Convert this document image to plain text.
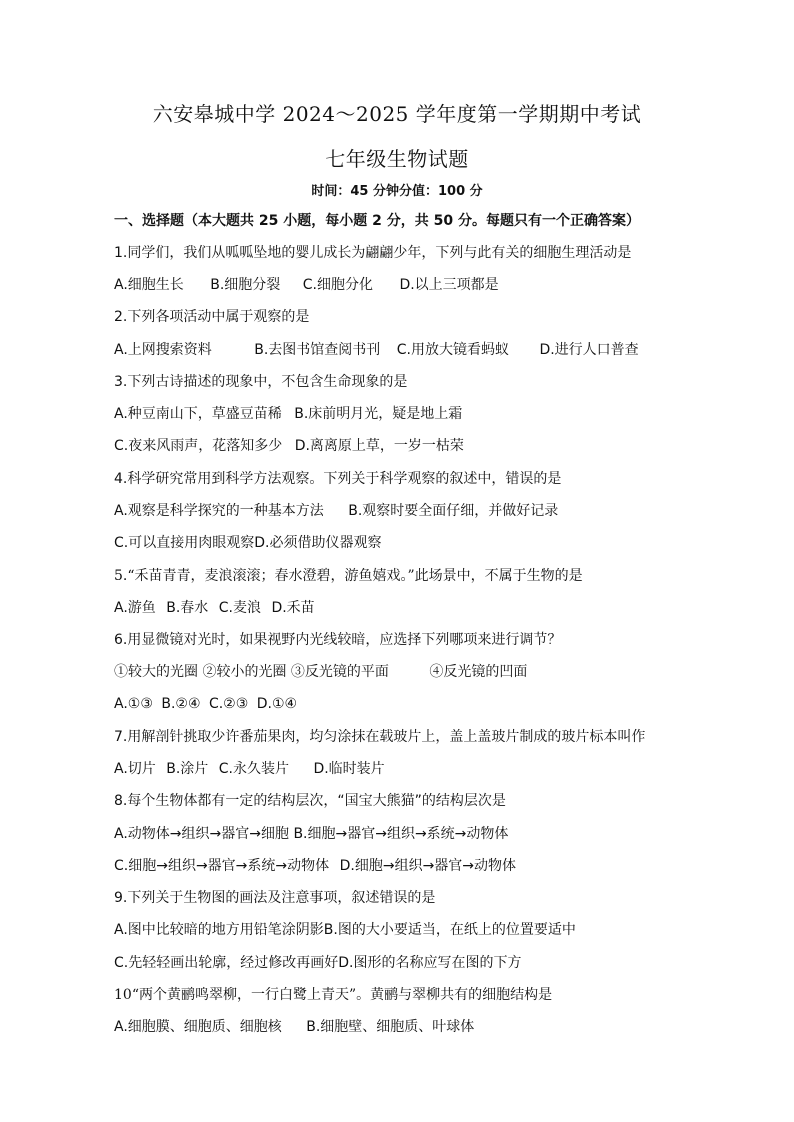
六安皋城中学 2024～2025 学年度第一学期期中考试
七年级生物试题
时间：45 分钟分值：100 分
一、选择题（本大题共 25 小题，每小题 2 分，共 50 分。每题只有一个正确答案）
1.同学们，我们从呱呱坠地的婴儿成长为翩翩少年，下列与此有关的细胞生理活动是
A.细胞生长 B.细胞分裂 C.细胞分化 D.以上三项都是
2.下列各项活动中属于观察的是
A.上网搜索资料	B.去图书馆查阅书刊 C.用放大镜看蚂蚁 D.进行人口普查
3.下列古诗描述的现象中，不包含生命现象的是
A.种豆南山下，草盛豆苗稀 B.床前明月光，疑是地上霜
C.夜来风雨声，花落知多少 D.离离原上草，一岁一枯荣
4.科学研究常用到科学方法观察。下列关于科学观察的叙述中，错误的是
A.观察是科学探究的一种基本方法 B.观察时要全面仔细，并做好记录
C.可以直接用肉眼观察D.必须借助仪器观察
5.“禾苗青青，麦浪滚滚；春水澄碧，游鱼嬉戏。”此场景中，不属于生物的是
A.游鱼 B.春水 C.麦浪 D.禾苗
6.用显微镜对光时，如果视野内光线较暗，应选择下列哪项来进行调节？
①较大的光圈 ②较小的光圈 ③反光镜的平面	④反光镜的凹面
A.①③ B.②④ C.②③ D.①④
7.用解剖针挑取少许番茄果肉，均匀涂抹在载玻片上，盖上盖玻片制成的玻片标本叫作
A.切片 B.涂片 C.永久装片 D.临时装片
8.每个生物体都有一定的结构层次，“国宝大熊猫”的结构层次是
A.动物体→组织→器官→细胞 B.细胞→器官→组织→系统→动物体
C.细胞→组织→器官→系统→动物体 D.细胞→组织→器官→动物体
9.下列关于生物图的画法及注意事项，叙述错误的是
A.图中比较暗的地方用铅笔涂阴影B.图的大小要适当，在纸上的位置要适中
C.先轻轻画出轮廓，经过修改再画好D.图形的名称应写在图的下方
10“两个黄鹂鸣翠柳，一行白鹭上青天”。黄鹂与翠柳共有的细胞结构是
A.细胞膜、细胞质、细胞核 B.细胞壁、细胞质、叶球体
